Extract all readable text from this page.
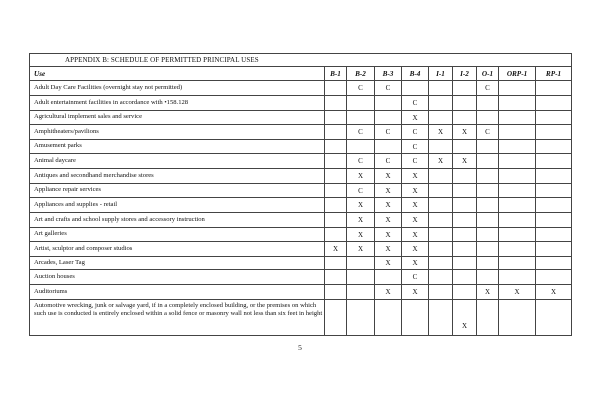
APPENDIX B: SCHEDULE OF PERMITTED PRINCIPAL USES									
Use	B-1	B-2	B-3	B-4	I-1	I-2	O-1	ORP-1	RP-1
Adult Day Care Facilities (overnight stay not permitted)		C	C				C		
Adult entertainment facilities in accordance with •158.128				C					
Agricultural implement sales and service				X					
Amphitheaters/pavilions		C	C	C	X	X	C		
Amusement parks				C					
Animal daycare		C	C	C	X	X			
Antiques and secondhand merchandise stores		X	X	X					
Appliance repair services		C	X	X					
Appliances and supplies - retail		X	X	X					
Art and crafts and school supply stores and accessory instruction		X	X	X					
Art galleries		X	X	X					
Artist, sculptor and composer studios	X	X	X	X					
Arcades, Laser Tag			X	X					
Auction houses				C					
Auditoriums			X	X			X	X	X
Automotive wrecking, junk or salvage yard, if in a completely enclosed building, or the premises on which such use is conducted is entirely enclosed within a solid fence or masonry wall not less than six feet in height						X			
5
